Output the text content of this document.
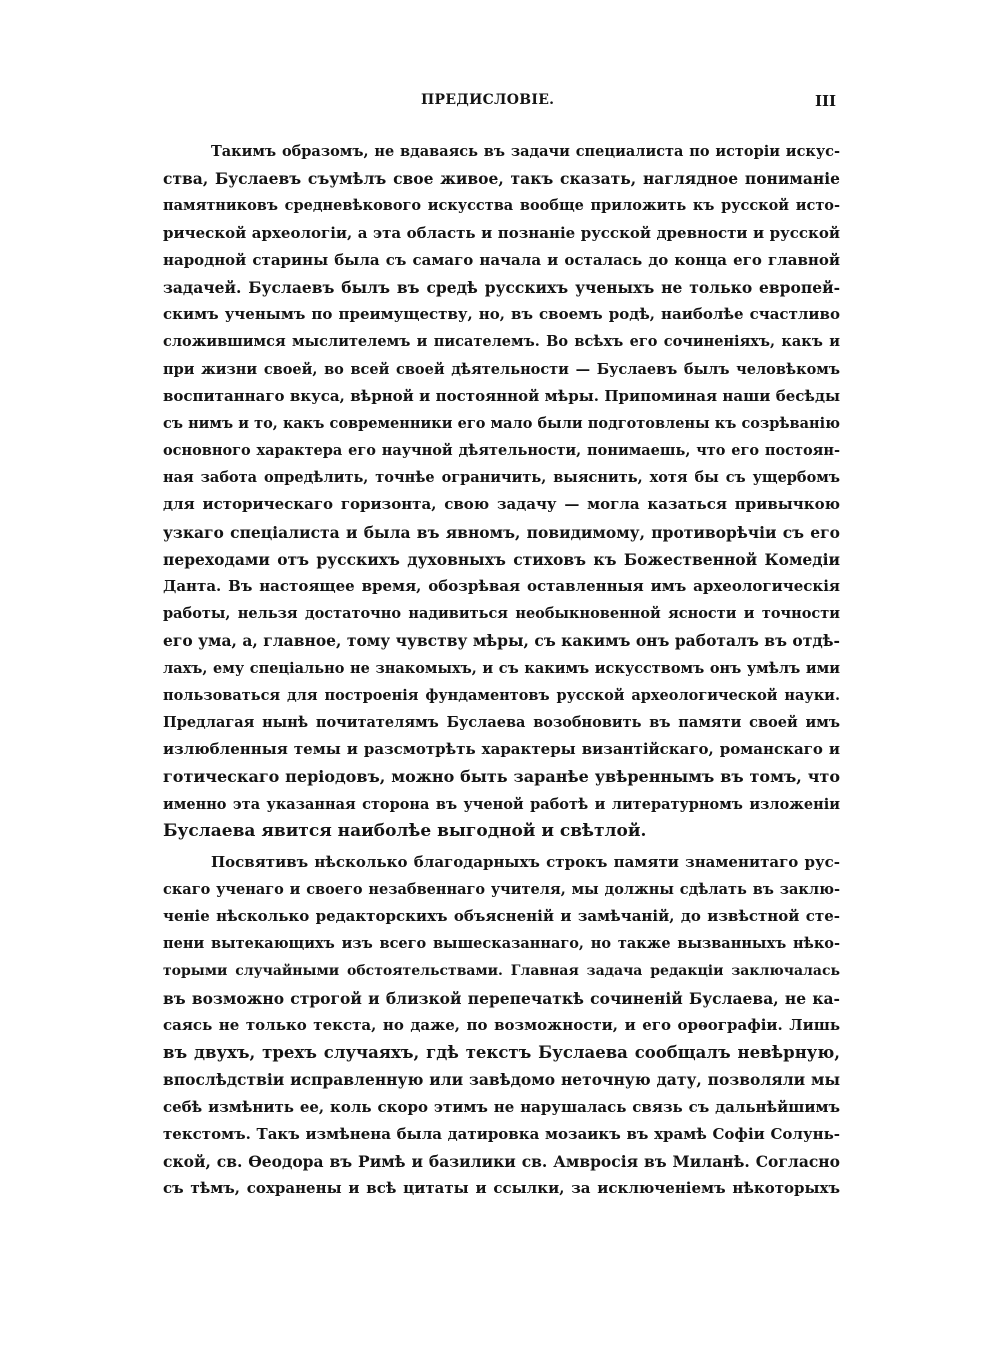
ПРЕДИСЛОВІЕ.	III
Такимъ образомъ, не вдаваясь въ задачи специалиста по исторіи искус-
ства, Буслаевъ съумѣлъ свое живое, такъ сказать, наглядное пониманіе
памятниковъ средневѣкового искусства вообще приложить къ русской исто-
рической археологіи, а эта область и познаніе русской древности и русской
народной старины была съ самаго начала и осталась до конца его главной
задачей. Буслаевъ былъ въ средѣ русскихъ ученыхъ не только европей-
скимъ ученымъ по преимуществу, но, въ своемъ родѣ, наиболѣе счастливо
сложившимся мыслителемъ и писателемъ. Во всѣхъ его сочиненіяхъ, какъ и
при жизни своей, во всей своей дѣятельности — Буслаевъ былъ человѣкомъ
воспитаннаго вкуса, вѣрной и постоянной мѣры. Припоминая наши бесѣды
съ нимъ и то, какъ современники его мало были подготовлены къ созрѣванію
основного характера его научной дѣятельности, понимаешь, что его постоян-
ная забота опредѣлить, точнѣе ограничить, выяснить, хотя бы съ ущербомъ
для историческаго горизонта, свою задачу — могла казаться привычкою
узкаго спеціалиста и была въ явномъ, повидимому, противорѣчіи съ его
переходами отъ русскихъ духовныхъ стиховъ къ Божественной Комедіи
Данта. Въ настоящее время, обозрѣвая оставленныя имъ археологическія
работы, нельзя достаточно надивиться необыкновенной ясности и точности
его ума, а, главное, тому чувству мѣры, съ какимъ онъ работалъ въ отдѣ-
лахъ, ему спеціально не знакомыхъ, и съ какимъ искусствомъ онъ умѣлъ ими
пользоваться для построенія фундаментовъ русской археологической науки.
Предлагая нынѣ почитателямъ Буслаева возобновить въ памяти своей имъ
излюбленныя темы и разсмотрѣть характеры византійскаго, романскаго и
готическаго періодовъ, можно быть заранѣе увѣреннымъ въ томъ, что
именно эта указанная сторона въ ученой работѣ и литературномъ изложеніи
Буслаева явится наиболѣе выгодной и свѣтлой.
Посвятивъ нѣсколько благодарныхъ строкъ памяти знаменитаго рус-
скаго ученаго и своего незабвеннаго учителя, мы должны сдѣлать въ заклю-
ченіе нѣсколько редакторскихъ объясненій и замѣчаній, до извѣстной сте-
пени вытекающихъ изъ всего вышесказаннаго, но также вызванныхъ нѣко-
торыми случайными обстоятельствами. Главная задача редакціи заключалась
въ возможно строгой и близкой перепечаткѣ сочиненій Буслаева, не ка-
саясь не только текста, но даже, по возможности, и его орѳографіи. Лишь
въ двухъ, трехъ случаяхъ, гдѣ текстъ Буслаева сообщалъ невѣрную,
впослѣдствіи исправленную или завѣдомо неточную дату, позволяли мы
себѣ измѣнить ее, коль скоро этимъ не нарушалась связь съ дальнѣйшимъ
текстомъ. Такъ измѣнена была датировка мозаикъ въ храмѣ Софіи Солунь-
ской, св. Ѳеодора въ Римѣ и базилики св. Амвросія въ Миланѣ. Согласно
съ тѣмъ, сохранены и всѣ цитаты и ссылки, за исключеніемъ нѣкоторыхъ
